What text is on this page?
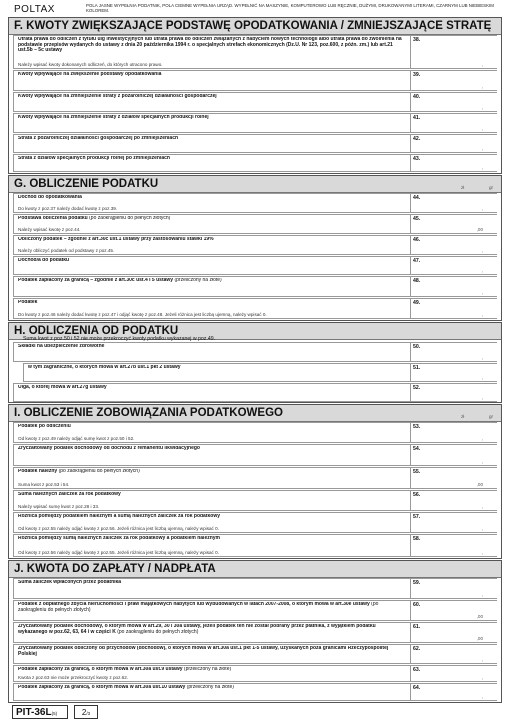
POLTAX	POLA JASNE WYPEŁNIA PODATNIK, POLA CIEMNE WYPEŁNIA URZĄD. WYPEŁNIĆ NA MASZYNIE, KOMPUTEROWO LUB RĘCZNIE, DUŻYMI, DRUKOWANYMI LITERAMI, CZARNYM LUB NIEBIESKIM KOLOREM.
F. KWOTY ZWIĘKSZAJĄCE PODSTAWĘ OPODATKOWANIA / ZMNIEJSZAJĄCE STRATĘ
Utrata prawa do odliczeń z tytułu ulg inwestycyjnych lub utrata prawa do odliczeń związanych z nabyciem nowych technologii albo utrata prawa do zwolnienia na podstawie przepisów wydanych do ustawy z dnia 20 października 1994 r. o specjalnych strefach ekonomicznych (Dz.U. Nr 123, poz.600, z późn. zm.) lub art.21 ust.5b – 5c ustawy
Należy wpisać kwoty dokonanych odliczeń, do których utracono prawo.
38.
,
Kwoty wpływające na zwiększenie podstawy opodatkowania	39.
,
Kwoty wpływające na zmniejszenie straty z pozarolniczej działalności gospodarczej	40.
,
Kwoty wpływające na zmniejszenie straty z działów specjalnych produkcji rolnej	41.
,
Strata z pozarolniczej działalności gospodarczej po zmniejszeniach	42.
,
Strata z działów specjalnych produkcji rolnej po zmniejszeniach	43.
,
G. OBLICZENIE PODATKU	zł	gr
Dochód do opodatkowania
Do kwoty z poz.37 należy dodać kwotę z poz.39.
44.
,
Podstawa obliczenia podatku (po zaokrągleniu do pełnych złotych)
Należy wpisać kwotę z poz.44.
45.
,00
Obliczony podatek – zgodnie z art.30c ust.1 ustawy przy zastosowaniu stawki 19%
Należy obliczyć podatek od podstawy z poz.45.
46.
,
Dochód/a do podatku	47.
,
Podatek zapłacony za granicą – zgodnie z art.30c ust.4 i 5 ustawy (przeliczony na złote)	48.
,
Podatek
Do kwoty z poz.46 należy dodać kwotę z poz.47 i odjąć kwotę z poz.48. Jeżeli różnica jest liczbą ujemną, należy wpisać 0.
49.
,
H. ODLICZENIA OD PODATKU
Suma kwot z poz.50 i 52 nie może przekroczyć kwoty podatku wykazanej w poz.49.
Składki na ubezpieczenie zdrowotne	50.
,
w tym zagraniczne, o których mowa w art.27b ust.1 pkt 2 ustawy	51.
,
Ulga, o której mowa w art.27g ustawy	52.
,
I. OBLICZENIE ZOBOWIĄZANIA PODATKOWEGO	zł	gr
Podatek po odliczeniu
Od kwoty z poz.49 należy odjąć sumę kwot z poz.50 i 52.
53.
,
Zryczałtowany podatek dochodowy od dochodu z remanentu likwidacyjnego	54.
,
Podatek należny (po zaokrągleniu do pełnych złotych)
Suma kwot z poz.53 i 54.
55.
,00
Suma należnych zaliczek za rok podatkowy
Należy wpisać sumę kwot z poz.28 i 33.
56.
,
Różnica pomiędzy podatkiem należnym a sumą należnych zaliczek za rok podatkowy
Od kwoty z poz.55 należy odjąć kwotę z poz.56. Jeżeli różnica jest liczbą ujemną, należy wpisać 0.
57.
,
Różnica pomiędzy sumą należnych zaliczek za rok podatkowy a podatkiem należnym
Od kwoty z poz.56 należy odjąć kwotę z poz.55. Jeżeli różnica jest liczbą ujemną, należy wpisać 0.
58.
,
J. KWOTA DO ZAPŁATY / NADPŁATA
Suma zaliczek wpłaconych przez podatnika	59.
,
Podatek z odpłatnego zbycia nieruchomości i praw majątkowych nabytych lub wybudowanych w latach 2007-2008, o którym mowa w art.30e ustawy (po zaokrągleniu do pełnych złotych)
60.
,00
Zryczałtowany podatek dochodowy, o którym mowa w art.29, 30 i 30a ustawy, jeżeli podatek ten nie został pobrany przez płatnika, z wyjątkiem podatku wykazanego w poz.62, 63, 64 i w części K (po zaokrągleniu do pełnych złotych)
61.
,00
Zryczałtowany podatek obliczony od przychodów (dochodów), o których mowa w art.30a ust.1 pkt 1-5 ustawy, uzyskanych poza granicami Rzeczypospolitej Polskiej
62.
,
Podatek zapłacony za granicą, o którym mowa w art.30a ust.9 ustawy (przeliczony na złote)
Kwota z poz.63 nie może przekroczyć kwoty z poz.62.
63.
,
Podatek zapłacony za granicą, o którym mowa w art.30a ust.10 ustawy (przeliczony na złote)	64.
,
PIT-36L(5)	2/3
